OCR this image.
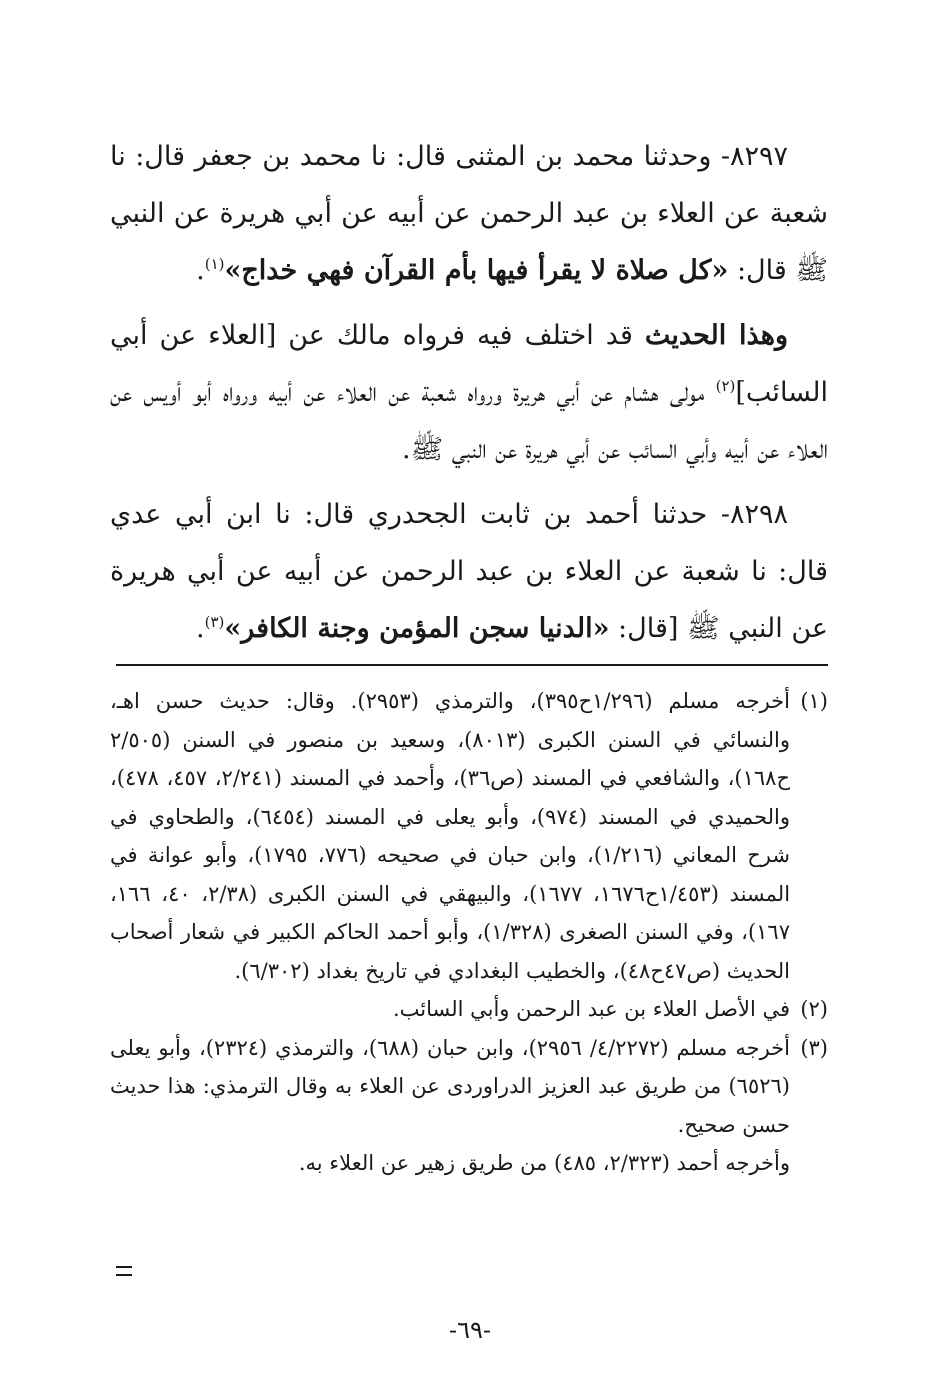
٨٢٩٧- وحدثنا محمد بن المثنى قال: نا محمد بن جعفر قال: نا شعبة عن العلاء بن عبد الرحمن عن أبيه عن أبي هريرة عن النبي ﷺ قال: «كل صلاة لا يقرأ فيها بأم القرآن فهي خداج»$^{(١)}$.

وهذا الحديث قد اختلف فيه فرواه مالك عن [العلاء عن أبي السائب]$^{(٢)}$ مولى هشام عن أبي هريرة ورواه شعبة عن العلاء عن أبيه ورواه أبو أويس عن العلاء عن أبيه وأبي السائب عن أبي هريرة عن النبي ﷺ.

٨٢٩٨- حدثنا أحمد بن ثابت الجحدري قال: نا ابن أبي عدي قال: نا شعبة عن العلاء بن عبد الرحمن عن أبيه عن أبي هريرة عن النبي ﷺ [قال: «الدنيا سجن المؤمن وجنة الكافر»$^{(٣)}$.

(١)
أخرجه مسلم (١/٢٩٦ح٣٩٥)، والترمذي (٢٩٥٣). وقال: حديث حسن اهـ، والنسائي في السنن الكبرى (٨٠١٣)، وسعيد بن منصور في السنن (٢/٥٠٥ ح١٦٨)، والشافعي في المسند (ص٣٦)، وأحمد في المسند (٢/٢٤١، ٤٥٧، ٤٧٨)، والحميدي في المسند (٩٧٤)، وأبو يعلى في المسند (٦٤٥٤)، والطحاوي في شرح المعاني (١/٢١٦)، وابن حبان في صحيحه (٧٧٦، ١٧٩٥)، وأبو عوانة في المسند (١/٤٥٣ح١٦٧٦، ١٦٧٧)، والبيهقي في السنن الكبرى (٢/٣٨، ٤٠، ١٦٦، ١٦٧)، وفي السنن الصغرى (١/٣٢٨)، وأبو أحمد الحاكم الكبير في شعار أصحاب الحديث (ص٤٧ح٤٨)، والخطيب البغدادي في تاريخ بغداد (٦/٣٠٢).
(٢)
في الأصل العلاء بن عبد الرحمن وأبي السائب.
(٣)
أخرجه مسلم (٤/٢٢٧٢/ ٢٩٥٦)، وابن حبان (٦٨٨)، والترمذي (٢٣٢٤)، وأبو يعلى (٦٥٢٦) من طريق عبد العزيز الدراوردى عن العلاء به وقال الترمذي: هذا حديث حسن صحيح.

وأخرجه أحمد (٢/٣٢٣، ٤٨٥) من طريق زهير عن العلاء به.

-٦٩-
